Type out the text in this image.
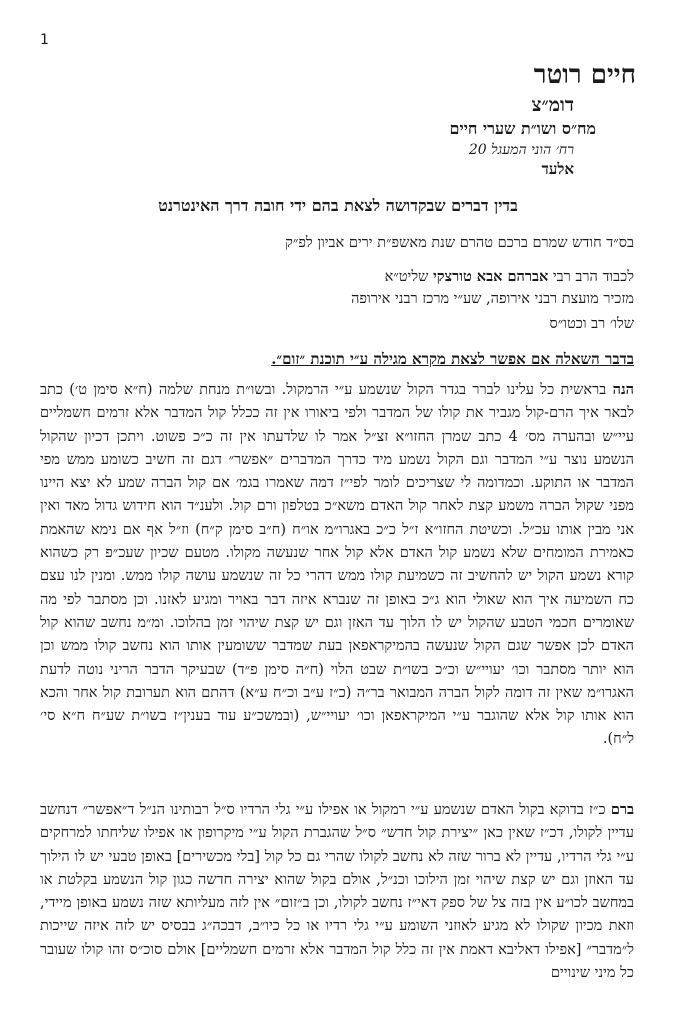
1
חיים רוטר
דומ״צ
מח״ס ושו״ת שערי חיים
רח׳ הוני המעגל 20
אלעד
בדין דברים שבקדושה לצאת בהם ידי חובה דרך האינטרנט
בס״ד חודש שמרם ברכם טהרם שנת מאשפ״ת ירים אביון לפ״ק
לכבוד הרב רבי אברהם אבא טורצקי שליט״א
מזכיר מועצת רבני אירופה, שע״י מרכז רבני אירופה
שלו׳ רב וכטו״ס
בדבר השאלה אם אפשר לצאת מקרא מגילה ע״י תוכנת ״זום״.
הנה בראשית כל עלינו לברר בגדר הקול שנשמע ע״י הרמקול. ובשו״ת מנחת שלמה (ח״א סימן ט׳) כתב לבאר איך הרם-קול מגביר את קולו של המדבר ולפי ביאורו אין זה ככלל קול המדבר אלא זרמים חשמליים עיי״ש ובהערה מס׳ 4 כתב שמרן החזו״א זצ״ל אמר לו שלדעתו אין זה כ״כ פשוט. ויתכן דכיון שהקול הנשמע נוצר ע״י המדבר וגם הקול נשמע מיד כדרך המדברים ״אפשר״ דגם זה חשיב כשומע ממש מפי המדבר או התוקע. וכמדומה לי שצריכים לומר לפי״ז דמה שאמרו בגמ׳ אם קול הברה שמע לא יצא היינו מפני שקול הברה משמע קצת לאחר קול האדם משא״כ בטלפון ורם קול. ולענ״ד הוא חידוש גדול מאד ואין אני מבין אותו עכ״ל. וכשיטת החזו״א ז״ל כ״כ באגרו״מ או״ח (ח״ב סימן ק״ח) וז״ל אף אם נימא שהאמת כאמירת המומחים שלא נשמע קול האדם אלא קול אחר שנעשה מקולו. מטעם שכיון שעכ״פ רק כשהוא קורא נשמע הקול יש להחשיב זה כשמיעת קולו ממש דהרי כל זה שנשמע עושה קולו ממש. ומנין לנו עצם כח השמיעה איך הוא שאולי הוא ג״כ באופן זה שנברא איזה דבר באויר ומגיע לאזנו. וכן מסתבר לפי מה שאומרים חכמי הטבע שהקול יש לו הלוך עד האזן וגם יש קצת שיהוי זמן בהלוכו. ומ״מ נחשב שהוא קול האדם לכן אפשר שגם הקול שנעשה בהמיקראפאן בעת שמדבר ששומעין אותו הוא נחשב קולו ממש וכן הוא יותר מסתבר וכו׳ יעויי״ש וכ״כ בשו״ת שבט הלוי (ח״ה סימן פ״ד) שבעיקר הדבר הריני נוטה לדעת האגרו״מ שאין זה דומה לקול הברה המבואר בר״ה (כ״ז ע״ב וכ״ח ע״א) דהתם הוא תערובת קול אחר והכא הוא אותו קול אלא שהוגבר ע״י המיקראפאן וכו׳ יעויי״ש, (ובמשכ״ע עוד בענין״ז בשו״ת שע״ח ח״א סי׳ ל״ח).
ברם כ״ז בדוקא בקול האדם שנשמע ע״י רמקול או אפילו ע״י גלי הרדיו ס״ל רבותינו הנ״ל ד״אפשר״ דנחשב עדיין לקולו, דכ״ז שאין כאן ״יצירת קול חדש״ ס״ל שהגברת הקול ע״י מיקרופון או אפילו שליחתו למרחקים ע״י גלי הרדיו, עדיין לא ברור שזה לא נחשב לקולו שהרי גם כל קול [בלי מכשירים] באופן טבעי יש לו הילוך עד האוזן וגם יש קצת שיהוי זמן הילוכו וכנ״ל, אולם בקול שהוא יצירה חדשה כגון קול הנשמע בקלטת או במחשב לכו״ע אין בזה צל של ספק דאי״ז נחשב לקולו, וכן ב״זום״ אין לזה מעליותא שזה נשמע באופן מיידי, וזאת מכיון שקולו לא מגיע לאוזני השומע ע״י גלי רדיו או כל כיו״ב, דבכה״ג בבסיס יש לזה איזה שייכות ל״מדבר״ [אפילו דאליבא דאמת אין זה כלל קול המדבר אלא זרמים חשמליים] אולם סוכ״ס זהו קולו שעובר כל מיני שינויים
